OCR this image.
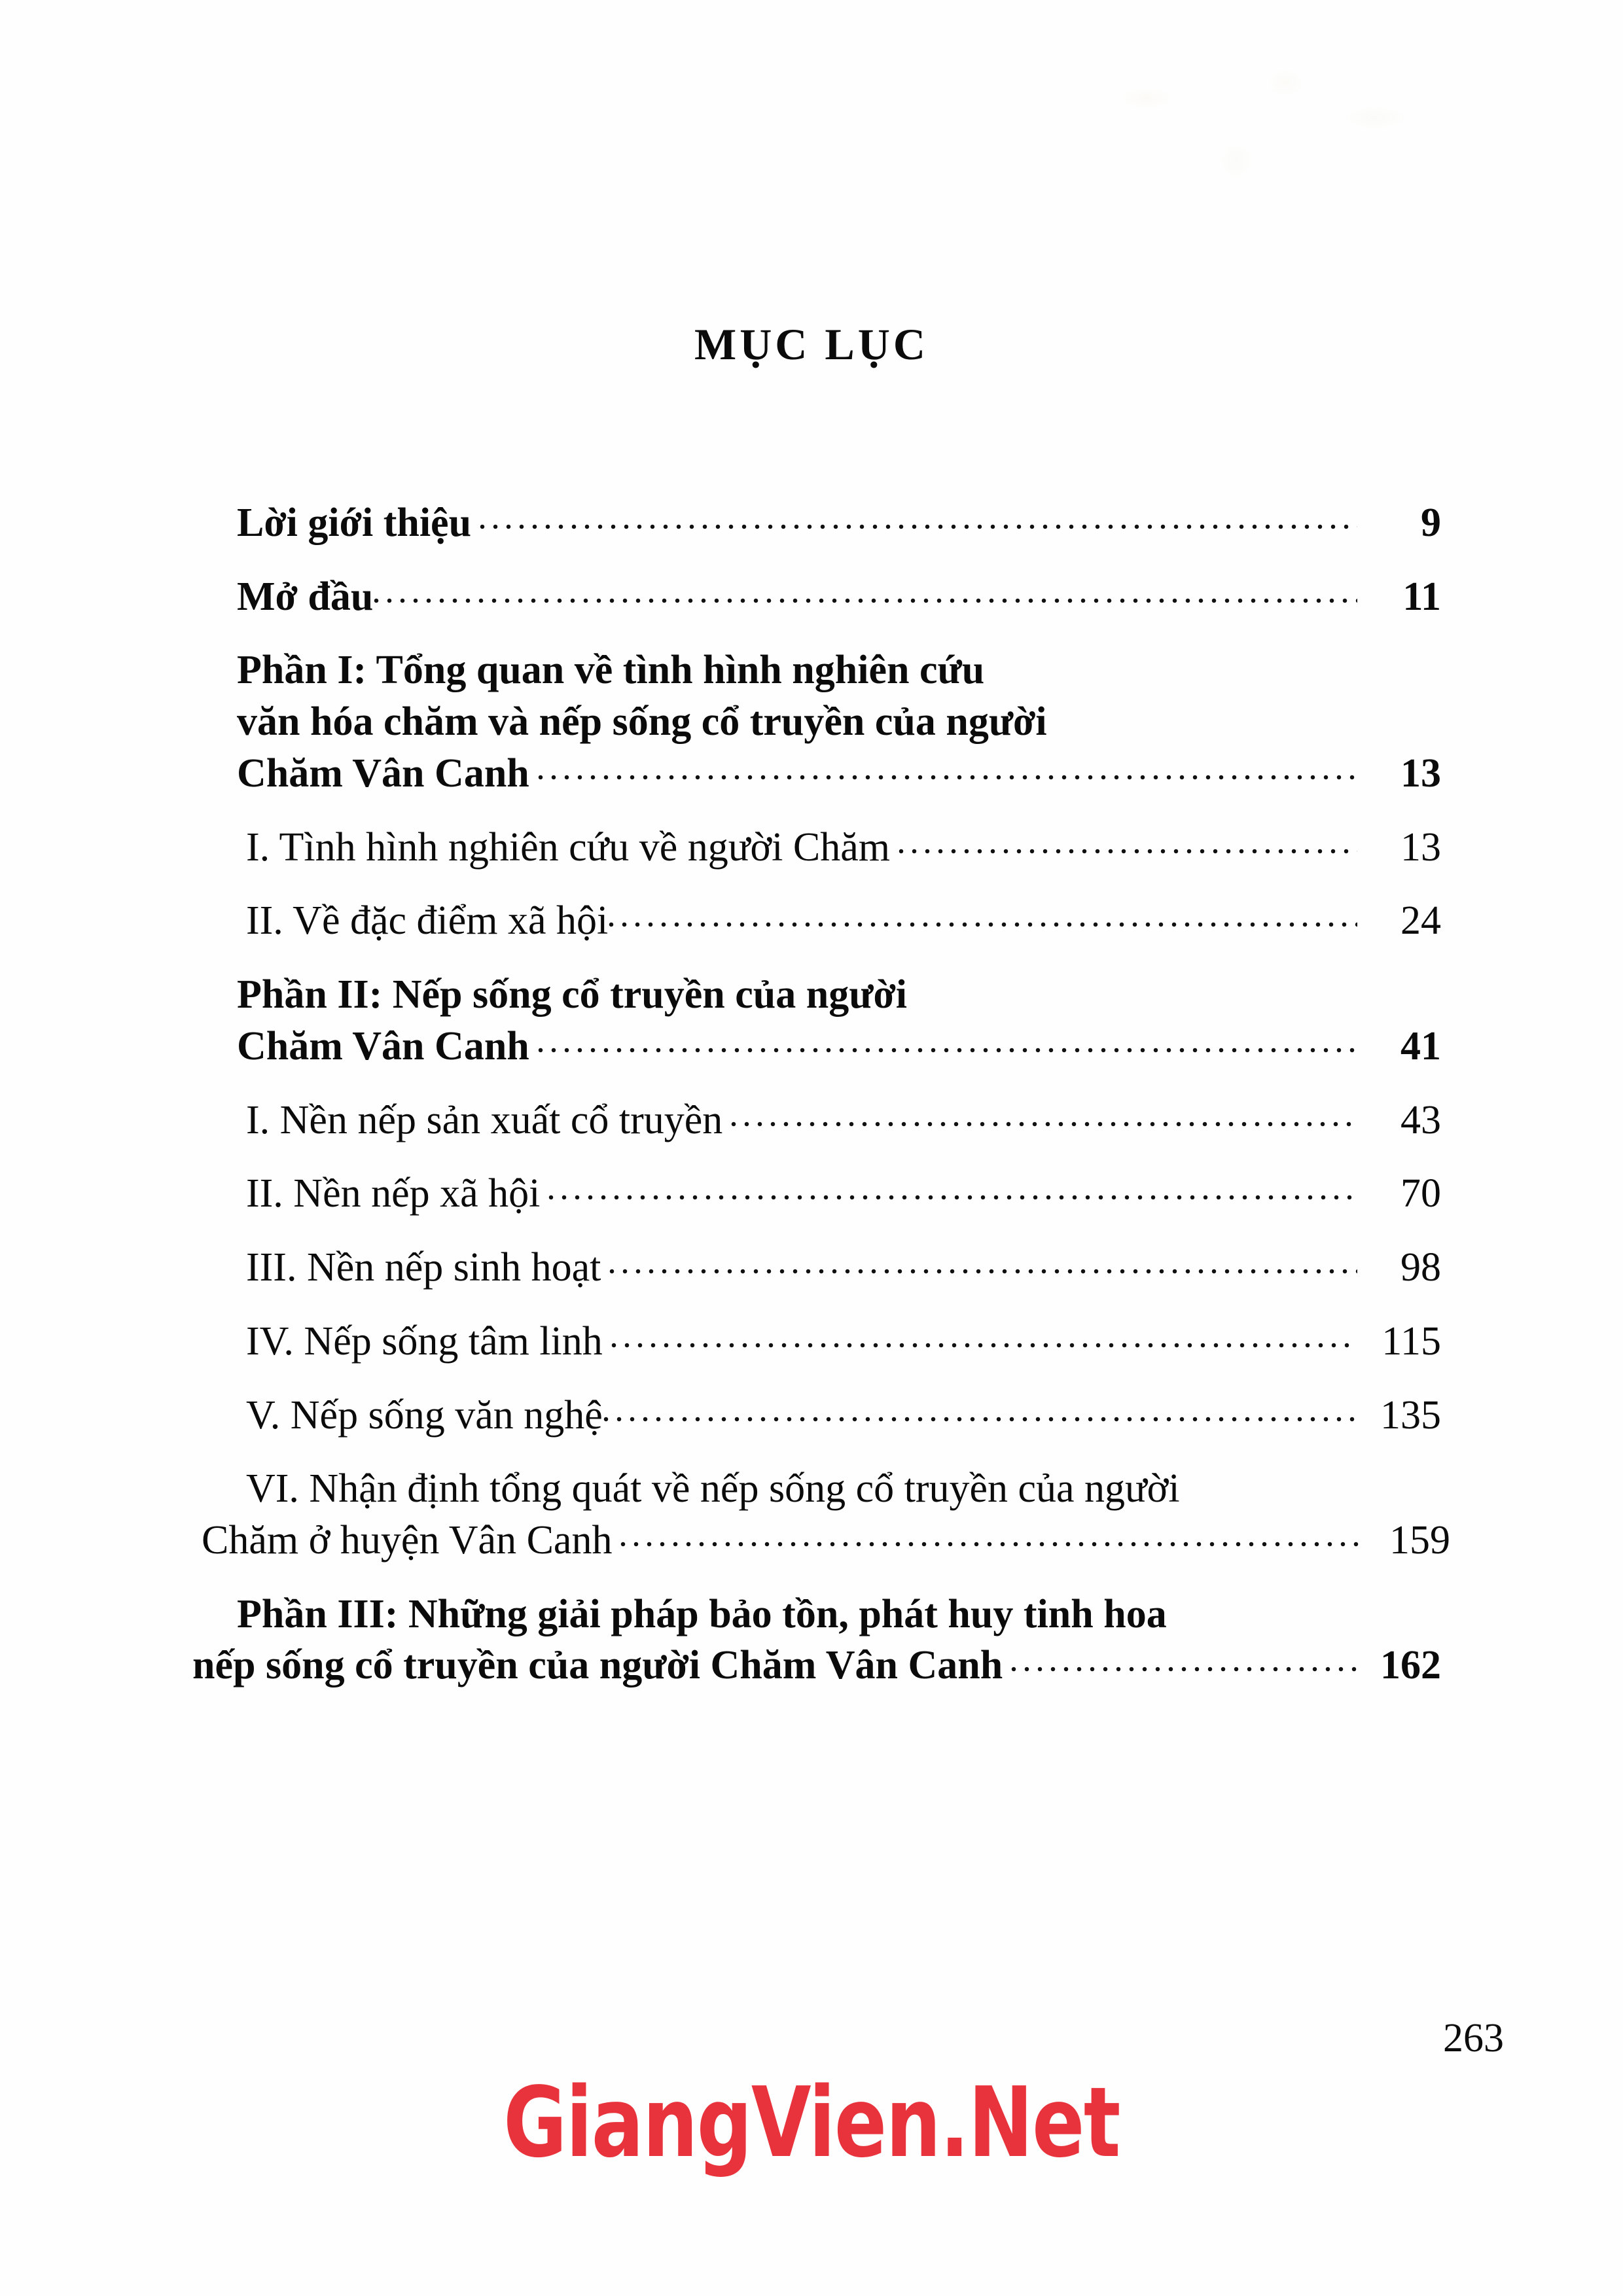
MỤC LỤC
Lời giới thiệu	9
Mở đầu	11
Phần I: Tổng quan về tình hình nghiên cứu
văn hóa chăm và nếp sống cổ truyền của người
Chăm Vân Canh	13
I. Tình hình nghiên cứu về người Chăm	13
II. Về đặc điểm xã hội	24
Phần II: Nếp sống cổ truyền của người
Chăm Vân Canh	41
I. Nền nếp sản xuất cổ truyền	43
II. Nền nếp xã hội	70
III. Nền nếp sinh hoạt	98
IV. Nếp sống tâm linh	115
V. Nếp sống văn nghệ	135
VI. Nhận định tổng quát về nếp sống cổ truyền của người
Chăm ở huyện Vân Canh	159
Phần III: Những giải pháp bảo tồn, phát huy tinh hoa
nếp sống cổ truyền của người Chăm Vân Canh	162
263
GiangVien.Net
